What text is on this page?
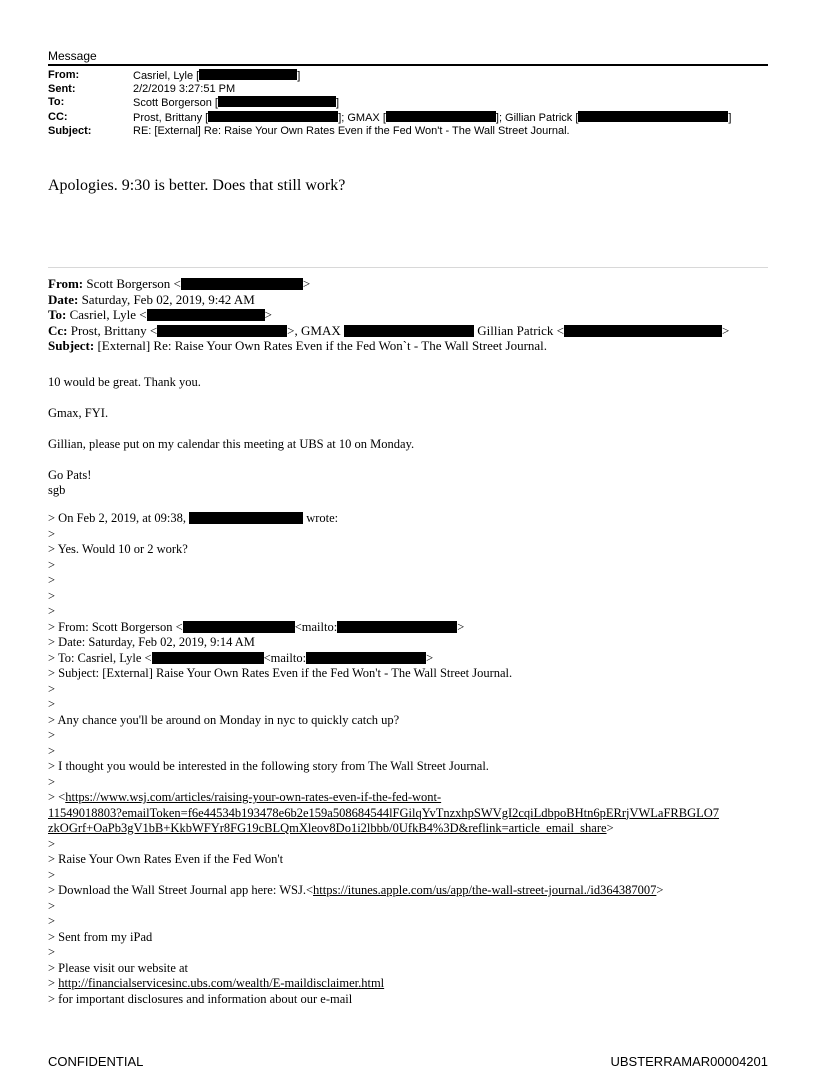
Message
From:	Casriel, Lyle [	]
Sent:	2/2/2019 3:27:51 PM
To:	Scott Borgerson [	]
CC:	Prost, Brittany [	]; GMAX [	]; Gillian Patrick [	]
Subject:	RE: [External] Re: Raise Your Own Rates Even if the Fed Won't - The Wall Street Journal.
Apologies. 9:30 is better. Does that still work?
From: Scott Borgerson <	>
Date: Saturday, Feb 02, 2019, 9:42 AM
To: Casriel, Lyle <	>
Cc: Prost, Brittany <	>, GMAX	Gillian Patrick <	>
Subject: [External] Re: Raise Your Own Rates Even if the Fed Won`t - The Wall Street Journal.
10 would be great. Thank you.
Gmax, FYI.
Gillian, please put on my calendar this meeting at UBS at 10 on Monday.
Go Pats!
sgb
> On Feb 2, 2019, at 09:38,	wrote:
>
> Yes. Would 10 or 2 work?
>
>
>
>
> From: Scott Borgerson <	<mailto:	>
> Date: Saturday, Feb 02, 2019, 9:14 AM
> To: Casriel, Lyle <	<mailto:	>
> Subject: [External] Raise Your Own Rates Even if the Fed Won't - The Wall Street Journal.
>
>
> Any chance you'll be around on Monday in nyc to quickly catch up?
>
>
> I thought you would be interested in the following story from The Wall Street Journal.
>
> <https://www.wsj.com/articles/raising-your-own-rates-even-if-the-fed-wont-
11549018803?emailToken=f6e44534b193478e6b2e159a508684544lFGilqYvTnzxhpSWVgI2cqiLdbpoBHtn6pERrjVWLaFRBGLO7
zkOGrf+OaPb3gV1bB+KkbWFYr8FG19cBLQmXleov8Do1i2lbbb/0UfkB4%3D&reflink=article_email_share>
>
> Raise Your Own Rates Even if the Fed Won't
>
> Download the Wall Street Journal app here: WSJ.<https://itunes.apple.com/us/app/the-wall-street-journal./id364387007>
>
>
> Sent from my iPad
>
> Please visit our website at
> http://financialservicesinc.ubs.com/wealth/E-maildisclaimer.html
> for important disclosures and information about our e-mail
CONFIDENTIAL	UBSTERRAMAR00004201
